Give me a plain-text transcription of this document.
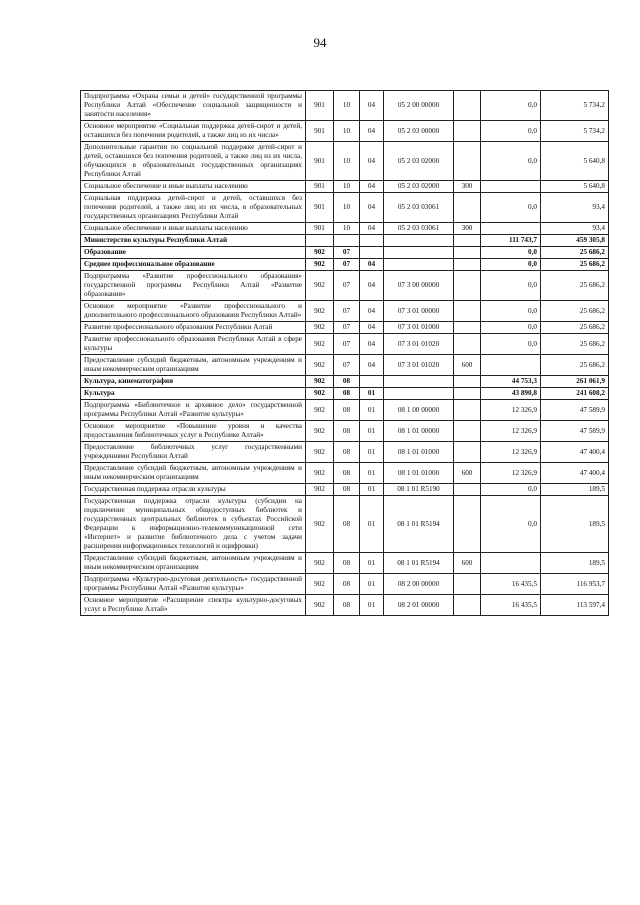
94
Подпрограмма «Охрана семьи и детей» государственной программы Республики Алтай «Обеспечение социальной защищенности и занятости населения»	901	10	04	05 2 00 00000		0,0	5 734,2
Основное мероприятие «Социальная поддержка детей-сирот и детей, оставшихся без попечения родителей, а также лиц из их числа»	901	10	04	05 2 03 00000		0,0	5 734,2
Дополнительные гарантии по социальной поддержке детей-сирот и детей, оставшихся без попечения родителей, а также лиц из их числа, обучающихся в образовательных государственных организациях Республики Алтай	901	10	04	05 2 03 02000		0,0	5 640,8
Социальное обеспечение и иные выплаты населению	901	10	04	05 2 03 02000	300		5 640,8
Социальная поддержка детей-сирот и детей, оставшихся без попечения родителей, а также лиц из их числа, в образовательных государственных организациях Республики Алтай	901	10	04	05 2 03 03061		0,0	93,4
Социальное обеспечение и иные выплаты населению	901	10	04	05 2 03 03061	300		93,4
Министерство культуры Республики Алтай						111 743,7	459 305,8
Образование	902	07				0,0	25 686,2
Среднее профессиональное образование	902	07	04			0,0	25 686,2
Подпрограмма «Развитие профессионального образования» государственной программы Республики Алтай «Развитие образования»	902	07	04	07 3 00 00000		0,0	25 686,2
Основное мероприятие «Развитие профессионального и дополнительного профессионального образования Республики Алтай»	902	07	04	07 3 01 00000		0,0	25 686,2
Развитие профессионального образования Республики Алтай	902	07	04	07 3 01 01000		0,0	25 686,2
Развитие профессионального образования Республики Алтай в сфере культуры	902	07	04	07 3 01 01020		0,0	25 686,2
Предоставление субсидий бюджетным, автономным учреждениям и иным некоммерческим организациям	902	07	04	07 3 01 01020	600		25 686,2
Культура, кинематография	902	08				44 753,3	261 061,9
Культура	902	08	01			43 890,8	241 608,2
Подпрограмма «Библиотечное и архивное дело» государственной программы Республики Алтай «Развитие культуры»	902	08	01	08 1 00 00000		12 326,9	47 589,9
Основное мероприятие «Повышение уровня и качества предоставления библиотечных услуг в Республике Алтай»	902	08	01	08 1 01 00000		12 326,9	47 589,9
Предоставление библиотечных услуг государственными учреждениями Республики Алтай	902	08	01	08 1 01 01000		12 326,9	47 400,4
Предоставление субсидий бюджетным, автономным учреждениям и иным некоммерческим организациям	902	08	01	08 1 01 01000	600	12 326,9	47 400,4
Государственная поддержка отрасли культуры	902	08	01	08 1 01 R5190		0,0	189,5
Государственная поддержка отрасли культуры (субсидии на подключение муниципальных общедоступных библиотек и государственных центральных библиотек в субъектах Российской Федерации к информационно-телекоммуникационной сети «Интернет» и развитие библиотечного дела с учетом задачи расширения информационных технологий и оцифровки)	902	08	01	08 1 01 R5194		0,0	189,5
Предоставление субсидий бюджетным, автономным учреждениям и иным некоммерческим организациям	902	08	01	08 1 01 R5194	600		189,5
Подпрограмма «Культурно-досуговая деятельность» государственной программы Республики Алтай «Развитие культуры»	902	08	01	08 2 00 00000		16 435,5	116 953,7
Основное мероприятие «Расширение спектра культурно-досуговых услуг в Республике Алтай»	902	08	01	08 2 01 00000		16 435,5	113 597,4
